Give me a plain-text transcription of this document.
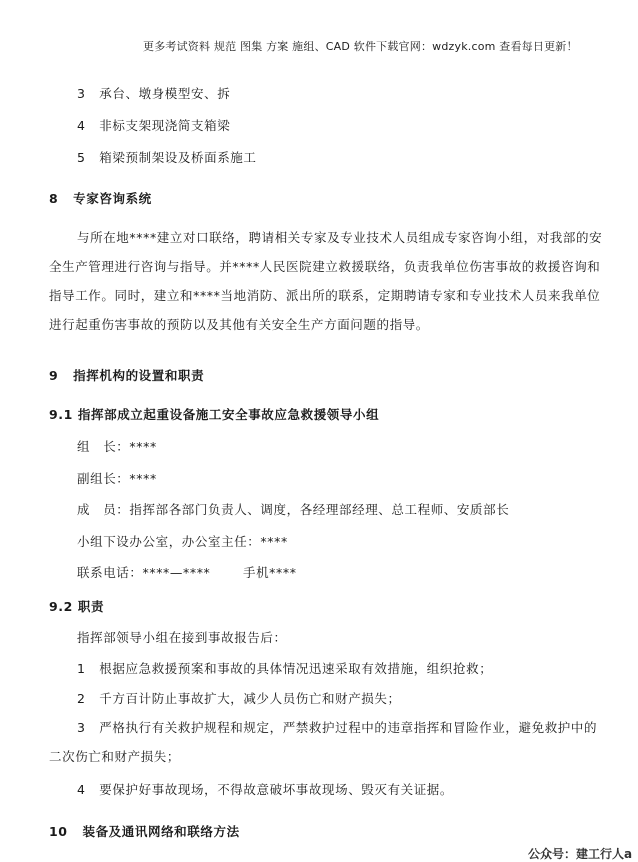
更多考试资料 规范 图集 方案 施组、CAD 软件下载官网：wdzyk.com 查看每日更新！
3 承台、墩身模型安、拆
4 非标支架现浇简支箱梁
5 箱梁预制架设及桥面系施工
8 专家咨询系统

与所在地****建立对口联络，聘请相关专家及专业技术人员组成专家咨询小组，对我部的安全生产管理进行咨询与指导。并****人民医院建立救援联络，负责我单位伤害事故的救援咨询和指导工作。同时，建立和****当地消防、派出所的联系，定期聘请专家和专业技术人员来我单位进行起重伤害事故的预防以及其他有关安全生产方面问题的指导。

9 指挥机构的设置和职责
9.1 指挥部成立起重设备施工安全事故应急救援领导小组
组　长：****
副组长：****
成　员：指挥部各部门负责人、调度，各经理部经理、总工程师、安质部长
小组下设办公室，办公室主任：****
联系电话：****—****	手机****
9.2 职责
指挥部领导小组在接到事故报告后：
1 根据应急救援预案和事故的具体情况迅速采取有效措施，组织抢救；
2 千方百计防止事故扩大，减少人员伤亡和财产损失；

3 严格执行有关救护规程和规定，严禁救护过程中的违章指挥和冒险作业，避免救护中的二次伤亡和财产损失；

4 要保护好事故现场，不得故意破坏事故现场、毁灭有关证据。
10 装备及通讯网络和联络方法
公众号：建工行人a
